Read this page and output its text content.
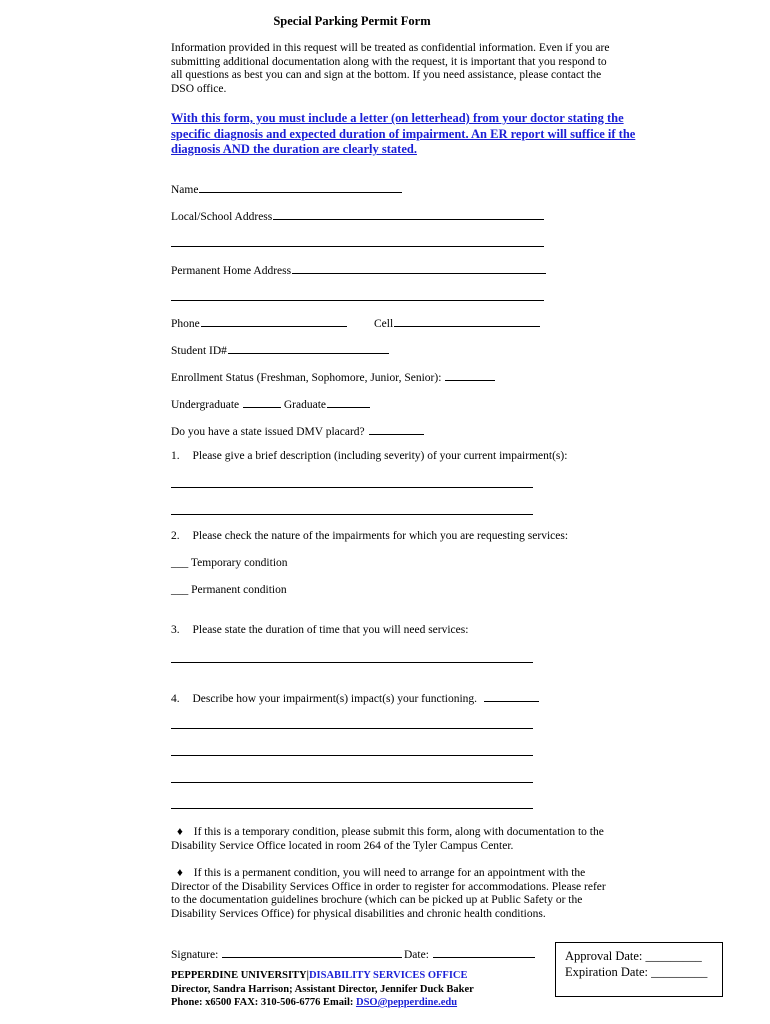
Special Parking Permit Form
Information provided in this request will be treated as confidential information. Even if you are submitting additional documentation along with the request, it is important that you respond to all questions as best you can and sign at the bottom. If you need assistance, please contact the DSO office.
With this form, you must include a letter (on letterhead) from your doctor stating the specific diagnosis and expected duration of impairment. An ER report will suffice if the diagnosis AND the duration are clearly stated.
Name
Local/School Address
Permanent Home Address
Phone	Cell
Student ID#
Enrollment Status (Freshman, Sophomore, Junior, Senior):
Undergraduate	Graduate
Do you have a state issued DMV placard?
1. Please give a brief description (including severity) of your current impairment(s):
2. Please check the nature of the impairments for which you are requesting services:
___ Temporary condition
___ Permanent condition
3. Please state the duration of time that you will need services:
4. Describe how your impairment(s) impact(s) your functioning.
♦ If this is a temporary condition, please submit this form, along with documentation to the Disability Service Office located in room 264 of the Tyler Campus Center.
♦ If this is a permanent condition, you will need to arrange for an appointment with the Director of the Disability Services Office in order to register for accommodations. Please refer to the documentation guidelines brochure (which can be picked up at Public Safety or the Disability Services Office) for physical disabilities and chronic health conditions.
Signature:	Date:	Approval Date: _________
Expiration Date: _________
PEPPERDINE UNIVERSITY|DISABILITY SERVICES OFFICE
Director, Sandra Harrison; Assistant Director, Jennifer Duck Baker
Phone: x6500 FAX: 310-506-6776 Email: DSO@pepperdine.edu
